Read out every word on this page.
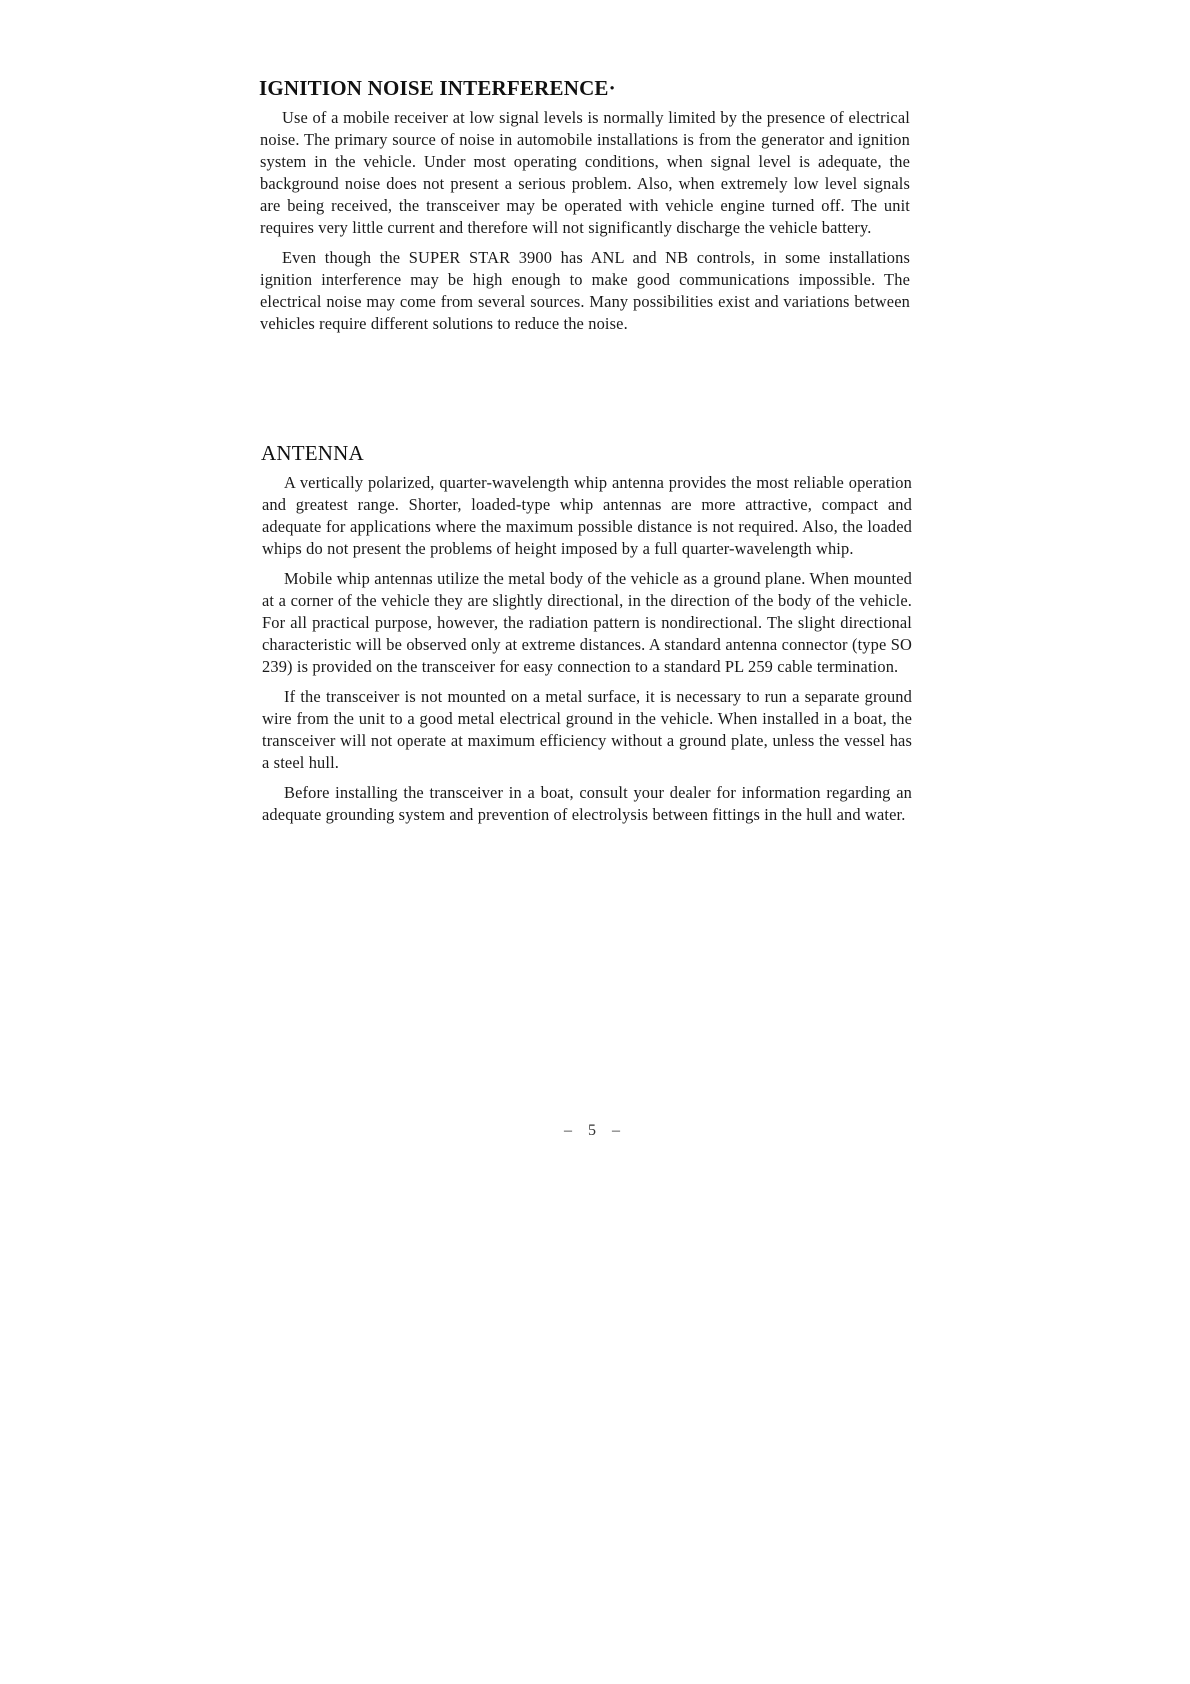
IGNITION NOISE INTERFERENCE·

Use of a mobile receiver at low signal levels is normally limited by the presence of electrical noise. The primary source of noise in automobile installations is from the generator and ignition system in the vehicle. Under most operating conditions, when signal level is adequate, the background noise does not present a serious problem. Also, when extremely low level signals are being received, the transceiver may be operated with vehicle engine turned off. The unit requires very little current and therefore will not significantly discharge the vehicle battery.

Even though the SUPER STAR 3900 has ANL and NB controls, in some installations ignition interference may be high enough to make good communications impossible. The electrical noise may come from several sources. Many possibilities exist and variations between vehicles require different solutions to reduce the noise.

ANTENNA

A vertically polarized, quarter-wavelength whip antenna provides the most reliable operation and greatest range. Shorter, loaded-type whip antennas are more attractive, compact and adequate for applications where the maximum possible distance is not required. Also, the loaded whips do not present the problems of height imposed by a full quarter-wavelength whip.

Mobile whip antennas utilize the metal body of the vehicle as a ground plane. When mounted at a corner of the vehicle they are slightly directional, in the direction of the body of the vehicle. For all practical purpose, however, the radiation pattern is nondirectional. The slight directional characteristic will be observed only at extreme distances. A standard antenna connector (type SO 239) is provided on the transceiver for easy connection to a standard PL 259 cable termination.

If the transceiver is not mounted on a metal surface, it is necessary to run a separate ground wire from the unit to a good metal electrical ground in the vehicle. When installed in a boat, the transceiver will not operate at maximum efficiency without a ground plate, unless the vessel has a steel hull.

Before installing the transceiver in a boat, consult your dealer for information regarding an adequate grounding system and prevention of electrolysis between fittings in the hull and water.

– 5 –
